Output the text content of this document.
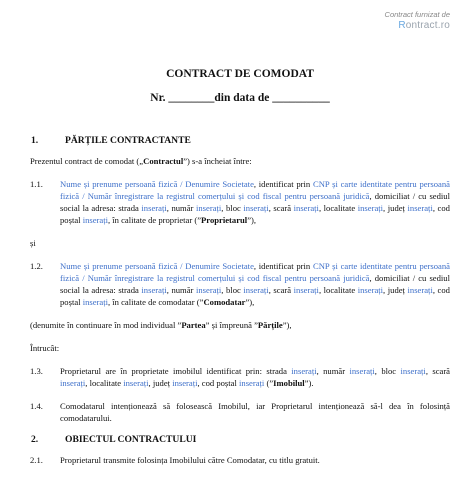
Contract furnizat de
Rontract.ro
CONTRACT DE COMODAT
Nr. ________din data de __________
1.	PĂRȚILE CONTRACTANTE

Prezentul contract de comodat („Contractul”) s-a încheiat între:

1.1.	Nume și prenume persoană fizică / Denumire Societate, identificat prin CNP și carte identitate pentru persoană fizică / Număr înregistrare la registrul comerțului și cod fiscal pentru persoană juridică, domiciliat / cu sediul social la adresa: strada inserați, număr inserați, bloc inserați, scară inserați, localitate inserați, județ inserați, cod poștal inserați, în calitate de proprietar (”Proprietarul”),

și

1.2.	Nume și prenume persoană fizică / Denumire Societate, identificat prin CNP și carte identitate pentru persoană fizică / Număr înregistrare la registrul comerțului și cod fiscal pentru persoană juridică, domiciliat / cu sediul social la adresa: strada inserați, număr inserați, bloc inserați, scară inserați, localitate inserați, județ inserați, cod poștal inserați, în calitate de comodatar (”Comodatar”),

(denumite în continuare în mod individual ”Partea” și împreună ”Părțile”),

Întrucât:

1.3.	Proprietarul are în proprietate imobilul identificat prin: strada inserați, număr inserați, bloc inserați, scară inserați, localitate inserați, județ inserați, cod poștal inserați (”Imobilul”).
1.4.	Comodatarul intenționează să folosească Imobilul, iar Proprietarul intenționează să-l dea în folosință comodatarului.
2.	OBIECTUL CONTRACTULUI
2.1.	Proprietarul transmite folosința Imobilului către Comodatar, cu titlu gratuit.
